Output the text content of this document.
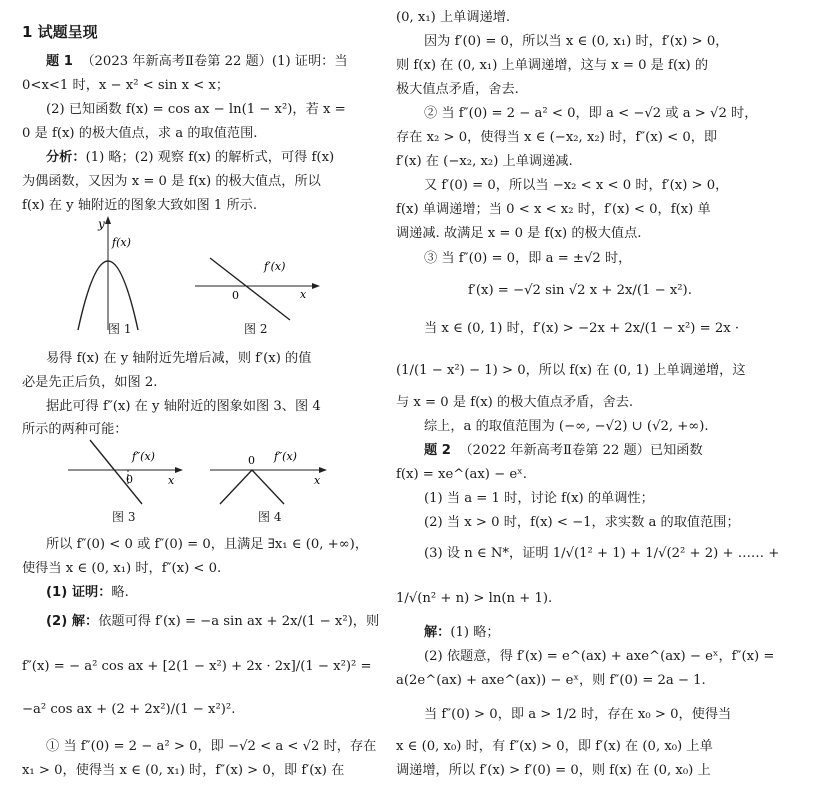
1 试题呈现
题 1 （2023 年新高考Ⅱ卷第 22 题）(1) 证明：当
0<x<1 时，x − x² < sin x < x；
(2) 已知函数 f(x) = cos ax − ln(1 − x²)，若 x =
0 是 f(x) 的极大值点，求 a 的取值范围.
分析：(1) 略；(2) 观察 f(x) 的解析式，可得 f(x)
为偶函数，又因为 x = 0 是 f(x) 的极大值点，所以
f(x) 在 y 轴附近的图象大致如图 1 所示.
y
f(x)
f′(x)
0	x
图 1	图 2
易得 f(x) 在 y 轴附近先增后减，则 f′(x) 的值
必是先正后负，如图 2.
据此可得 f″(x) 在 y 轴附近的图象如图 3、图 4
所示的两种可能：
f″(x)
0	x
0 f″(x)
x
图 3	图 4
所以 f″(0) < 0 或 f″(0) = 0，且满足 ∃x₁ ∈ (0, +∞)，
使得当 x ∈ (0, x₁) 时，f″(x) < 0.
(1) 证明：略.
(2) 解：依题可得 f′(x) = −a sin ax + 2x/(1 − x²)，则
f″(x) = − a² cos ax + [2(1 − x²) + 2x · 2x]/(1 − x²)² =
−a² cos ax + (2 + 2x²)/(1 − x²)².
① 当 f″(0) = 2 − a² > 0，即 −√2 < a < √2 时，存在
x₁ > 0，使得当 x ∈ (0, x₁) 时，f″(x) > 0，即 f′(x) 在
(0, x₁) 上单调递增.
因为 f′(0) = 0，所以当 x ∈ (0, x₁) 时，f′(x) > 0，
则 f(x) 在 (0, x₁) 上单调递增，这与 x = 0 是 f(x) 的
极大值点矛盾，舍去.
② 当 f″(0) = 2 − a² < 0，即 a < −√2 或 a > √2 时，
存在 x₂ > 0，使得当 x ∈ (−x₂, x₂) 时，f″(x) < 0，即
f′(x) 在 (−x₂, x₂) 上单调递减.
又 f′(0) = 0，所以当 −x₂ < x < 0 时，f′(x) > 0，
f(x) 单调递增；当 0 < x < x₂ 时，f′(x) < 0，f(x) 单
调递减. 故满足 x = 0 是 f(x) 的极大值点.
③ 当 f″(0) = 0，即 a = ±√2 时，
f′(x) = −√2 sin √2 x + 2x/(1 − x²).
当 x ∈ (0, 1) 时，f′(x) > −2x + 2x/(1 − x²) = 2x ·
(1/(1 − x²) − 1) > 0，所以 f(x) 在 (0, 1) 上单调递增，这
与 x = 0 是 f(x) 的极大值点矛盾，舍去.
综上，a 的取值范围为 (−∞, −√2) ∪ (√2, +∞).
题 2 （2022 年新高考Ⅱ卷第 22 题）已知函数
f(x) = xe^(ax) − eˣ.
(1) 当 a = 1 时，讨论 f(x) 的单调性；
(2) 当 x > 0 时，f(x) < −1，求实数 a 的取值范围；
(3) 设 n ∈ N*，证明 1/√(1² + 1) + 1/√(2² + 2) + …… +
1/√(n² + n) > ln(n + 1).
解：(1) 略；
(2) 依题意，得 f′(x) = e^(ax) + axe^(ax) − eˣ，f″(x) =
a(2e^(ax) + axe^(ax)) − eˣ，则 f″(0) = 2a − 1.
当 f″(0) > 0，即 a > 1/2 时，存在 x₀ > 0，使得当
x ∈ (0, x₀) 时，有 f″(x) > 0，即 f′(x) 在 (0, x₀) 上单
调递增，所以 f′(x) > f′(0) = 0，则 f(x) 在 (0, x₀) 上
